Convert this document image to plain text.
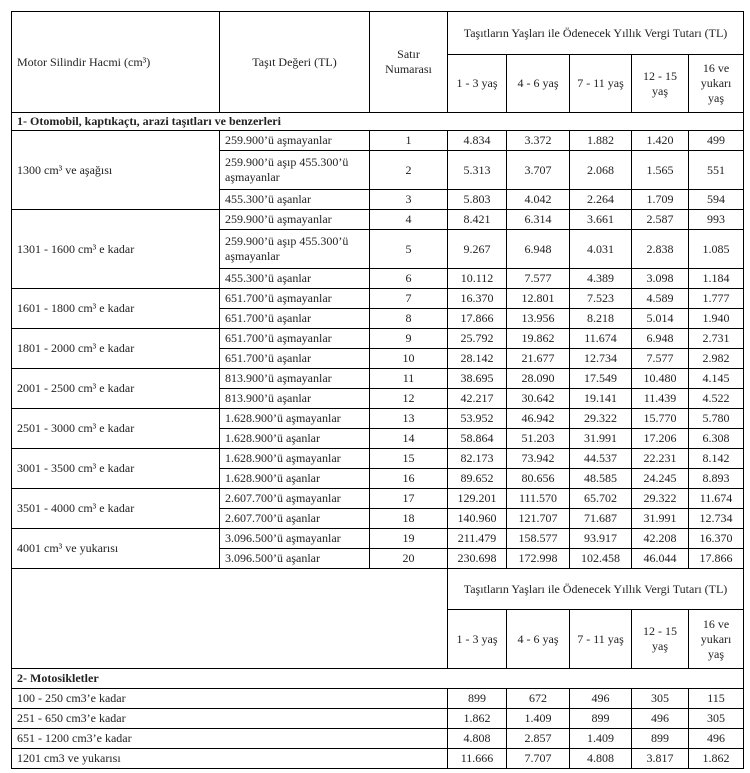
Motor Silindir Hacmi (cm³)	Taşıt Değeri (TL)	Satır Numarası	Taşıtların Yaşları ile Ödenecek Yıllık Vergi Tutarı (TL)				
			1 - 3 yaş	4 - 6 yaş	7 - 11 yaş	12 - 15 yaş	16 ve yukarı yaş
1- Otomobil, kaptıkaçtı, arazi taşıtları ve benzerleri							
1300 cm³ ve aşağısı	259.900’ü aşmayanlar	1	4.834	3.372	1.882	1.420	499
	259.900’ü aşıp 455.300’ü aşmayanlar	2	5.313	3.707	2.068	1.565	551
	455.300’ü aşanlar	3	5.803	4.042	2.264	1.709	594
1301 - 1600 cm³ e kadar	259.900’ü aşmayanlar	4	8.421	6.314	3.661	2.587	993
	259.900’ü aşıp 455.300’ü aşmayanlar	5	9.267	6.948	4.031	2.838	1.085
	455.300’ü aşanlar	6	10.112	7.577	4.389	3.098	1.184
1601 - 1800 cm³ e kadar	651.700’ü aşmayanlar	7	16.370	12.801	7.523	4.589	1.777
	651.700’ü aşanlar	8	17.866	13.956	8.218	5.014	1.940
1801 - 2000 cm³ e kadar	651.700’ü aşmayanlar	9	25.792	19.862	11.674	6.948	2.731
	651.700’ü aşanlar	10	28.142	21.677	12.734	7.577	2.982
2001 - 2500 cm³ e kadar	813.900’ü aşmayanlar	11	38.695	28.090	17.549	10.480	4.145
	813.900’ü aşanlar	12	42.217	30.642	19.141	11.439	4.522
2501 - 3000 cm³ e kadar	1.628.900’ü aşmayanlar	13	53.952	46.942	29.322	15.770	5.780
	1.628.900’ü aşanlar	14	58.864	51.203	31.991	17.206	6.308
3001 - 3500 cm³ e kadar	1.628.900’ü aşmayanlar	15	82.173	73.942	44.537	22.231	8.142
	1.628.900’ü aşanlar	16	89.652	80.656	48.585	24.245	8.893
3501 - 4000 cm³ e kadar	2.607.700’ü aşmayanlar	17	129.201	111.570	65.702	29.322	11.674
	2.607.700’ü aşanlar	18	140.960	121.707	71.687	31.991	12.734
4001 cm³ ve yukarısı	3.096.500’ü aşmayanlar	19	211.479	158.577	93.917	42.208	16.370
	3.096.500’ü aşanlar	20	230.698	172.998	102.458	46.044	17.866
			Taşıtların Yaşları ile Ödenecek Yıllık Vergi Tutarı (TL)				
			1 - 3 yaş	4 - 6 yaş	7 - 11 yaş	12 - 15 yaş	16 ve yukarı yaş
2- Motosikletler							
100 - 250 cm3’e kadar			899	672	496	305	115
251 - 650 cm3’e kadar			1.862	1.409	899	496	305
651 - 1200 cm3’e kadar			4.808	2.857	1.409	899	496
1201 cm3 ve yukarısı			11.666	7.707	4.808	3.817	1.862
